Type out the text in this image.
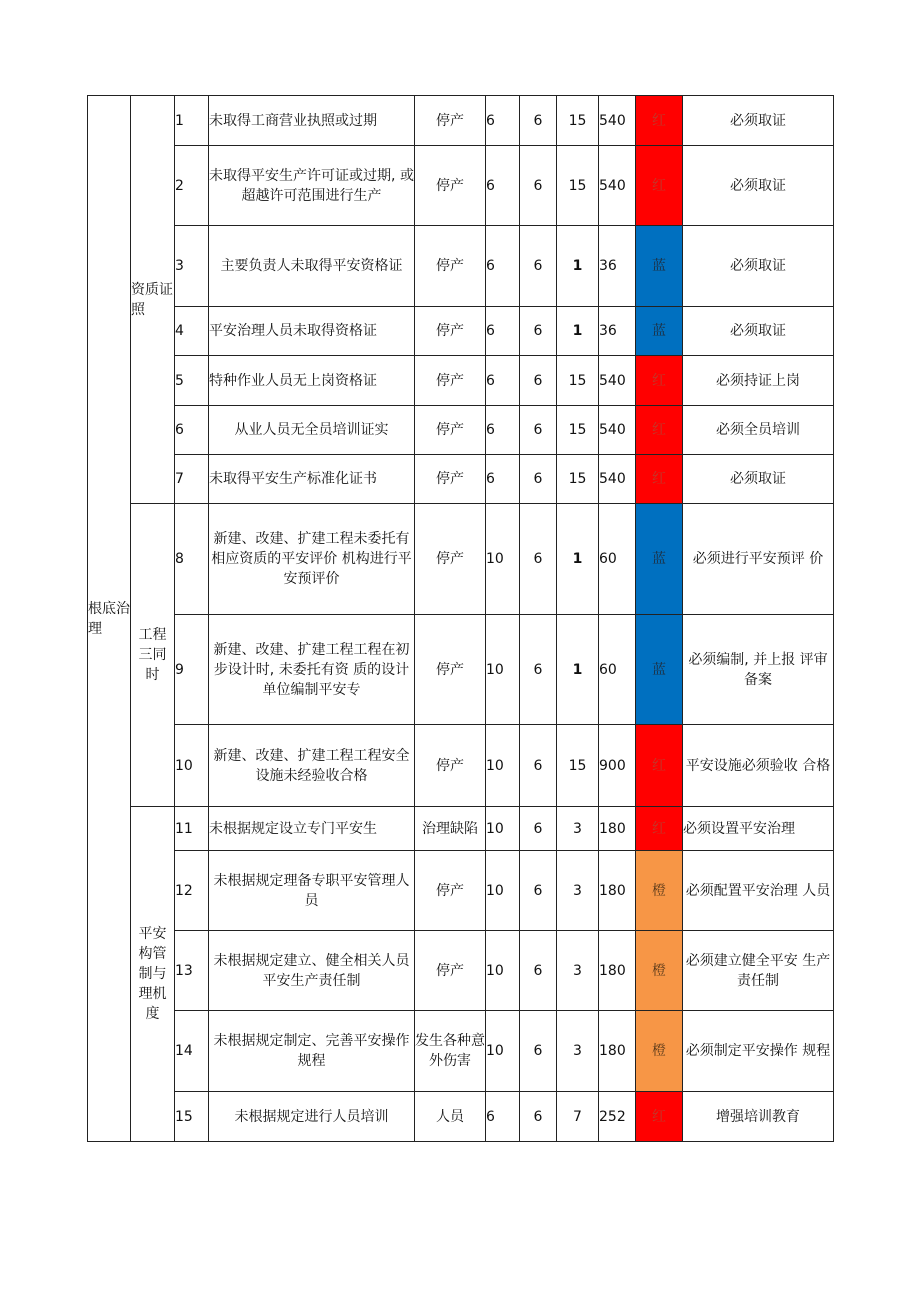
根底治理	资质证照	1	未取得工商营业执照或过期	停产	6	6	15	540	红	必须取证
		2	未取得平安生产许可证或过期, 或超越许可范围进行生产	停产	6	6	15	540	红	必须取证
		3	主要负责人未取得平安资格证	停产	6	6	1	36	蓝	必须取证
		4	平安治理人员未取得资格证	停产	6	6	1	36	蓝	必须取证
		5	特种作业人员无上岗资格证	停产	6	6	15	540	红	必须持证上岗
		6	从业人员无全员培训证实	停产	6	6	15	540	红	必须全员培训
		7	未取得平安生产标准化证书	停产	6	6	15	540	红	必须取证
	工程三同时	8	新建、改建、扩建工程未委托有相应资质的平安评价 机构进行平安预评价	停产	10	6	1	60	蓝	必须进行平安预评 价
		9	新建、改建、扩建工程工程在初步设计时, 未委托有资 质的设计单位编制平安专	停产	10	6	1	60	蓝	必须编制, 并上报 评审备案
		10	新建、改建、扩建工程工程安全设施未经验收合格	停产	10	6	15	900	红	平安设施必须验收 合格
	平安构管制与理机度	11	未根据规定设立专门平安生	治理缺陷	10	6	3	180	红	必须设置平安治理
		12	未根据规定理备专职平安管理人员	停产	10	6	3	180	橙	必须配置平安治理 人员
		13	未根据规定建立、健全相关人员平安生产责任制	停产	10	6	3	180	橙	必须建立健全平安 生产责任制
		14	未根据规定制定、完善平安操作规程	发生各种意外伤害	10	6	3	180	橙	必须制定平安操作 规程
		15	未根据规定进行人员培训	人员	6	6	7	252	红	增强培训教育
